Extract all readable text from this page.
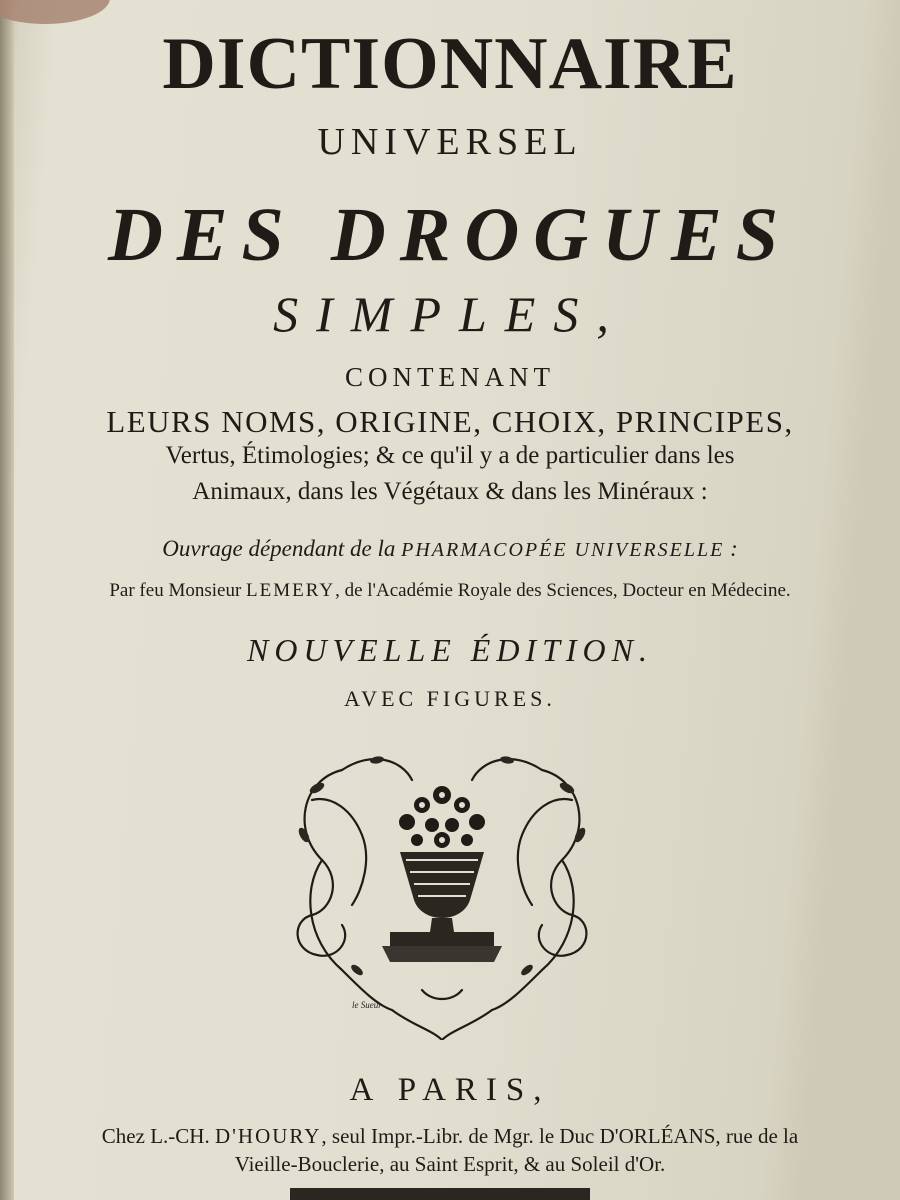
DICTIONNAIRE
UNIVERSEL
DES DROGUES
SIMPLES,
CONTENANT
LEURS NOMS, ORIGINE, CHOIX, PRINCIPES,
Vertus, Étimologies; & ce qu'il y a de particulier dans les
Animaux, dans les Végétaux & dans les Minéraux :
Ouvrage dépendant de la PHARMACOPÉE UNIVERSELLE :
Par feu Monsieur LEMERY, de l'Académie Royale des Sciences, Docteur en Médecine.
NOUVELLE ÉDITION.
AVEC FIGURES.
le Sueur
A PARIS,
Chez L.-CH. D'HOURY, seul Impr.-Libr. de Mgr. le Duc D'ORLÉANS, rue de la
Vieille-Bouclerie, au Saint Esprit, & au Soleil d'Or.
